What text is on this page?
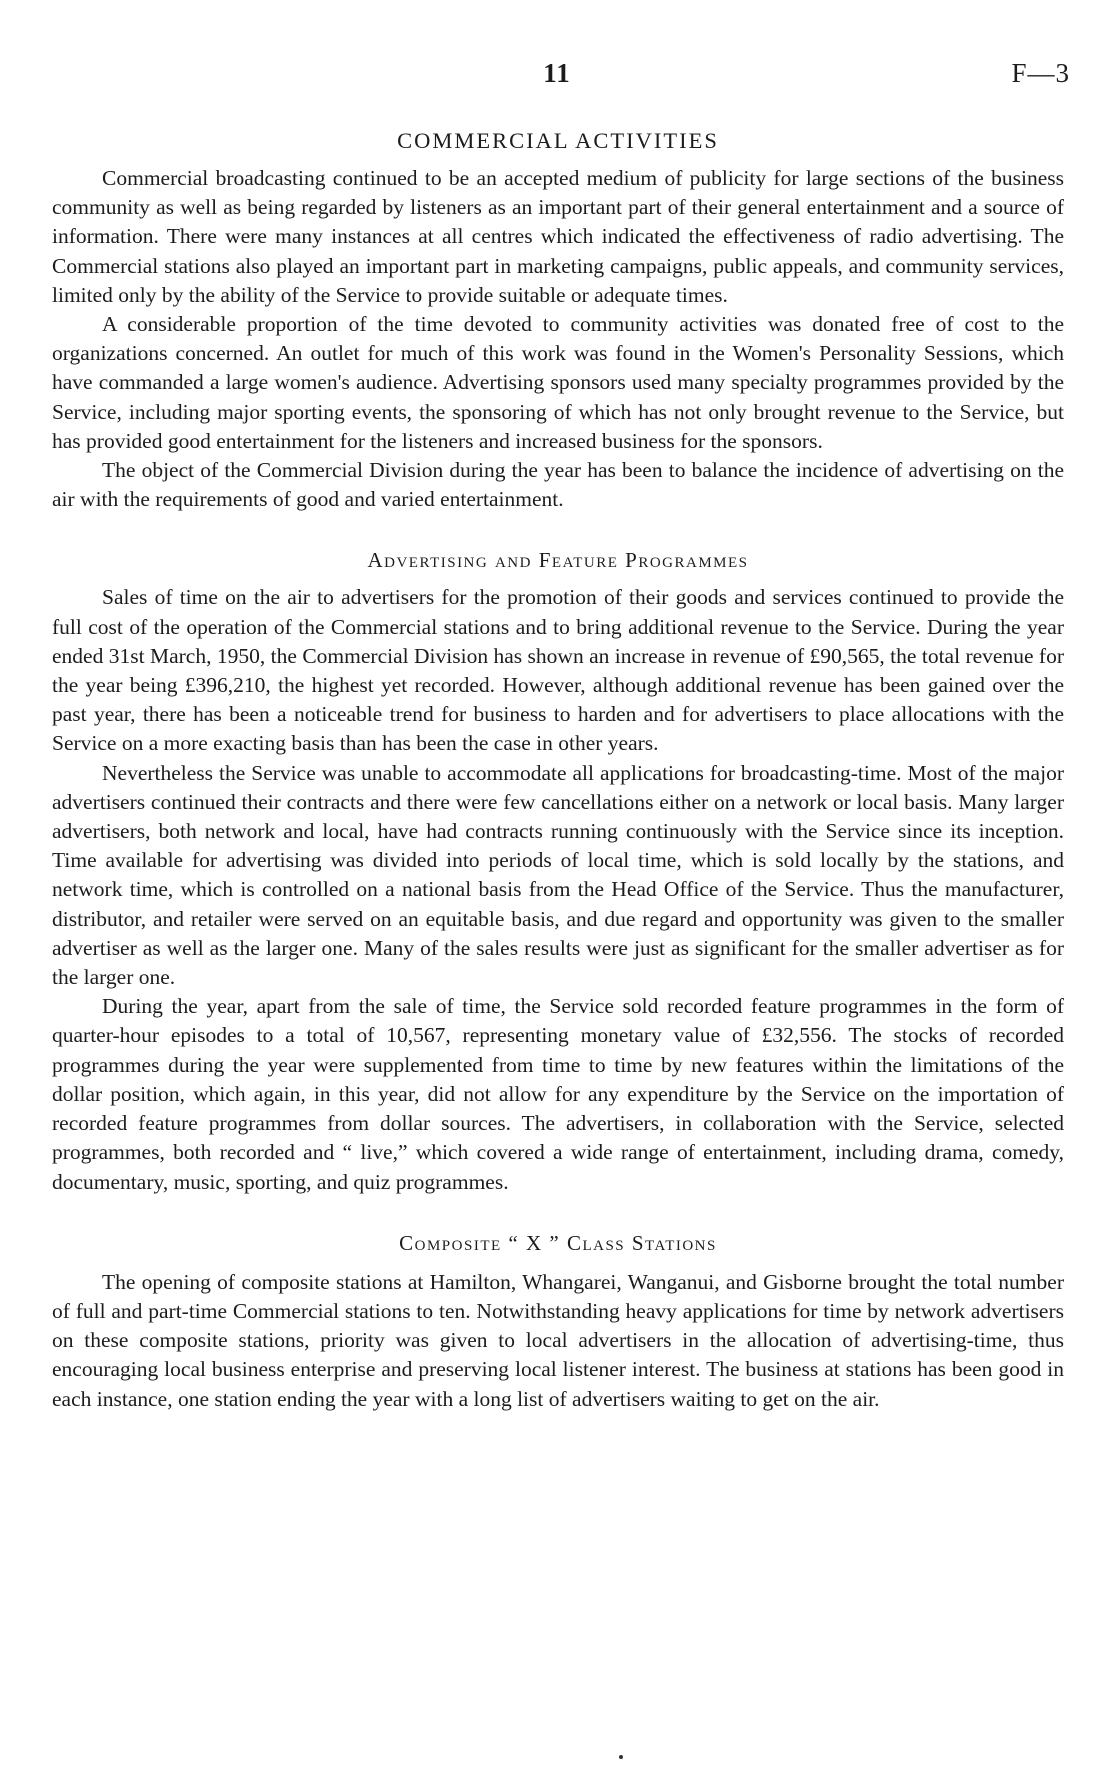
11	F—3
COMMERCIAL ACTIVITIES

Commercial broadcasting continued to be an accepted medium of publicity for large sections of the business community as well as being regarded by listeners as an important part of their general entertainment and a source of information. There were many instances at all centres which indicated the effectiveness of radio advertising. The Commercial stations also played an important part in marketing campaigns, public appeals, and community services, limited only by the ability of the Service to provide suitable or adequate times.

A considerable proportion of the time devoted to community activities was donated free of cost to the organizations concerned. An outlet for much of this work was found in the Women's Personality Sessions, which have commanded a large women's audience. Advertising sponsors used many specialty programmes provided by the Service, including major sporting events, the sponsoring of which has not only brought revenue to the Service, but has provided good entertainment for the listeners and increased business for the sponsors.

The object of the Commercial Division during the year has been to balance the incidence of advertising on the air with the requirements of good and varied entertainment.

Advertising and Feature Programmes

Sales of time on the air to advertisers for the promotion of their goods and services continued to provide the full cost of the operation of the Commercial stations and to bring additional revenue to the Service. During the year ended 31st March, 1950, the Commercial Division has shown an increase in revenue of £90,565, the total revenue for the year being £396,210, the highest yet recorded. However, although additional revenue has been gained over the past year, there has been a noticeable trend for business to harden and for advertisers to place allocations with the Service on a more exacting basis than has been the case in other years.

Nevertheless the Service was unable to accommodate all applications for broadcasting-time. Most of the major advertisers continued their contracts and there were few cancellations either on a network or local basis. Many larger advertisers, both network and local, have had contracts running continuously with the Service since its inception. Time available for advertising was divided into periods of local time, which is sold locally by the stations, and network time, which is controlled on a national basis from the Head Office of the Service. Thus the manufacturer, distributor, and retailer were served on an equitable basis, and due regard and opportunity was given to the smaller advertiser as well as the larger one. Many of the sales results were just as significant for the smaller advertiser as for the larger one.

During the year, apart from the sale of time, the Service sold recorded feature programmes in the form of quarter-hour episodes to a total of 10,567, representing monetary value of £32,556. The stocks of recorded programmes during the year were supplemented from time to time by new features within the limitations of the dollar position, which again, in this year, did not allow for any expenditure by the Service on the importation of recorded feature programmes from dollar sources. The advertisers, in collaboration with the Service, selected programmes, both recorded and “ live,” which covered a wide range of entertainment, including drama, comedy, documentary, music, sporting, and quiz programmes.

Composite “ X ” Class Stations

The opening of composite stations at Hamilton, Whangarei, Wanganui, and Gisborne brought the total number of full and part-time Commercial stations to ten. Notwithstanding heavy applications for time by network advertisers on these composite stations, priority was given to local advertisers in the allocation of advertising-time, thus encouraging local business enterprise and preserving local listener interest. The business at stations has been good in each instance, one station ending the year with a long list of advertisers waiting to get on the air.
